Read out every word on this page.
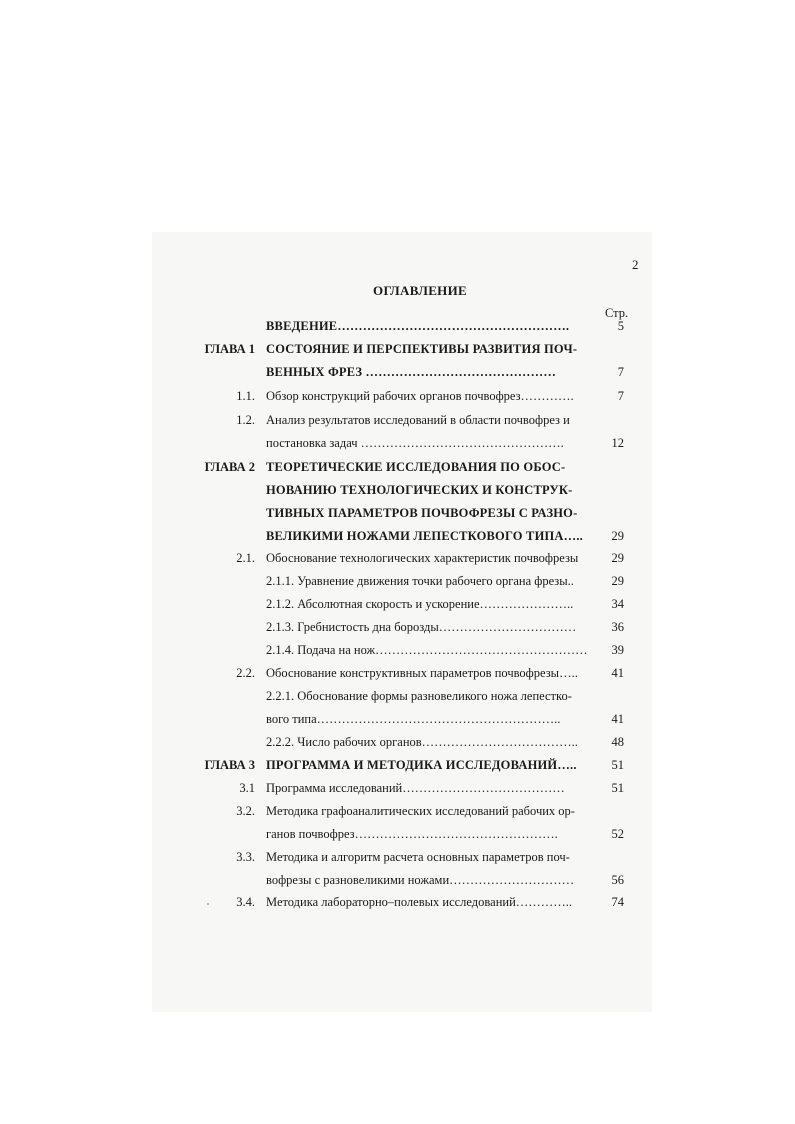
2
ОГЛАВЛЕНИЕ
Стр.
ВВЕДЕНИЕ……………………………………………….	5
ГЛАВА 1 СОСТОЯНИЕ И ПЕРСПЕКТИВЫ РАЗВИТИЯ ПОЧ-
ВЕННЫХ ФРЕЗ ………………………………………	7
1.1. Обзор конструкций рабочих органов почвофрез………….	7
1.2. Анализ результатов исследований в области почвофрез и
постановка задач ………………………………………….	12
ГЛАВА 2 ТЕОРЕТИЧЕСКИЕ ИССЛЕДОВАНИЯ ПО ОБОС-
НОВАНИЮ ТЕХНОЛОГИЧЕСКИХ И КОНСТРУК-
ТИВНЫХ ПАРАМЕТРОВ ПОЧВОФРЕЗЫ С РАЗНО-
ВЕЛИКИМИ НОЖАМИ ЛЕПЕСТКОВОГО ТИПА…..	29
2.1. Обоснование технологических характеристик почвофрезы	29
2.1.1. Уравнение движения точки рабочего органа фрезы..	29
2.1.2. Абсолютная скорость и ускорение…………………..	34
2.1.3. Гребнистость дна борозды……………………………	36
2.1.4. Подача на нож……………………………………………	39
2.2. Обоснование конструктивных параметров почвофрезы…..	41
2.2.1. Обоснование формы разновеликого ножа лепестко-
вого типа…………………………………………………..	41
2.2.2. Число рабочих органов………………………………..	48
ГЛАВА 3 ПРОГРАММА И МЕТОДИКА ИССЛЕДОВАНИЙ…..	51
3.1 Программа исследований…………………………………	51
3.2. Методика графоаналитических исследований рабочих ор-
ганов почвофрез………………………………………….	52
3.3. Методика и алгоритм расчета основных параметров поч-
вофрезы с разновеликими ножами…………………………	56
3.4. Методика лабораторно–полевых исследований…………..	74
